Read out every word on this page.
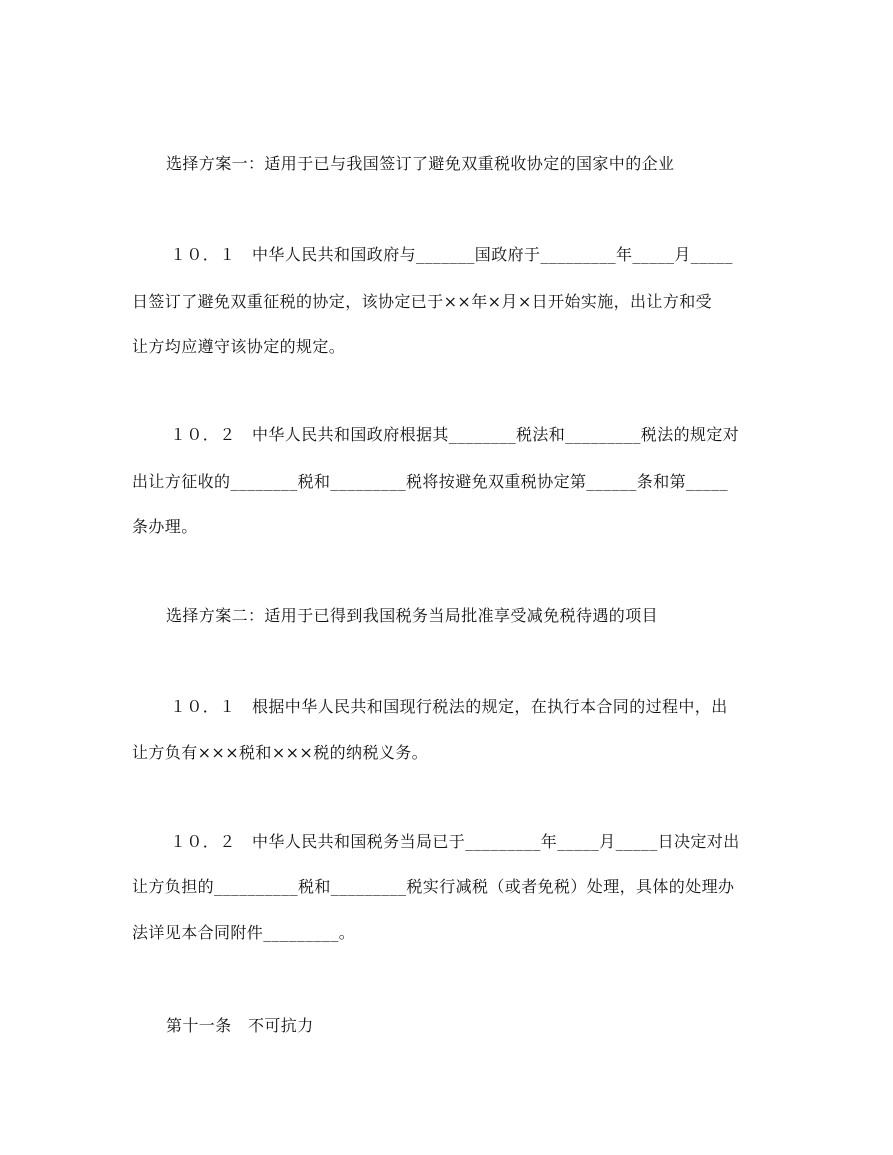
选择方案一：适用于已与我国签订了避免双重税收协定的国家中的企业
１０．１　中华人民共和国政府与_______国政府于_________年_____月_____
日签订了避免双重征税的协定，该协定已于××年×月×日开始实施，出让方和受
让方均应遵守该协定的规定。
１０．２　中华人民共和国政府根据其________税法和_________税法的规定对
出让方征收的________税和_________税将按避免双重税协定第______条和第_____
条办理。
选择方案二：适用于已得到我国税务当局批准享受减免税待遇的项目
１０．１　根据中华人民共和国现行税法的规定，在执行本合同的过程中，出
让方负有×××税和×××税的纳税义务。
１０．２　中华人民共和国税务当局已于_________年_____月_____日决定对出
让方负担的__________税和_________税实行减税（或者免税）处理，具体的处理办
法详见本合同附件_________。
第十一条　不可抗力
